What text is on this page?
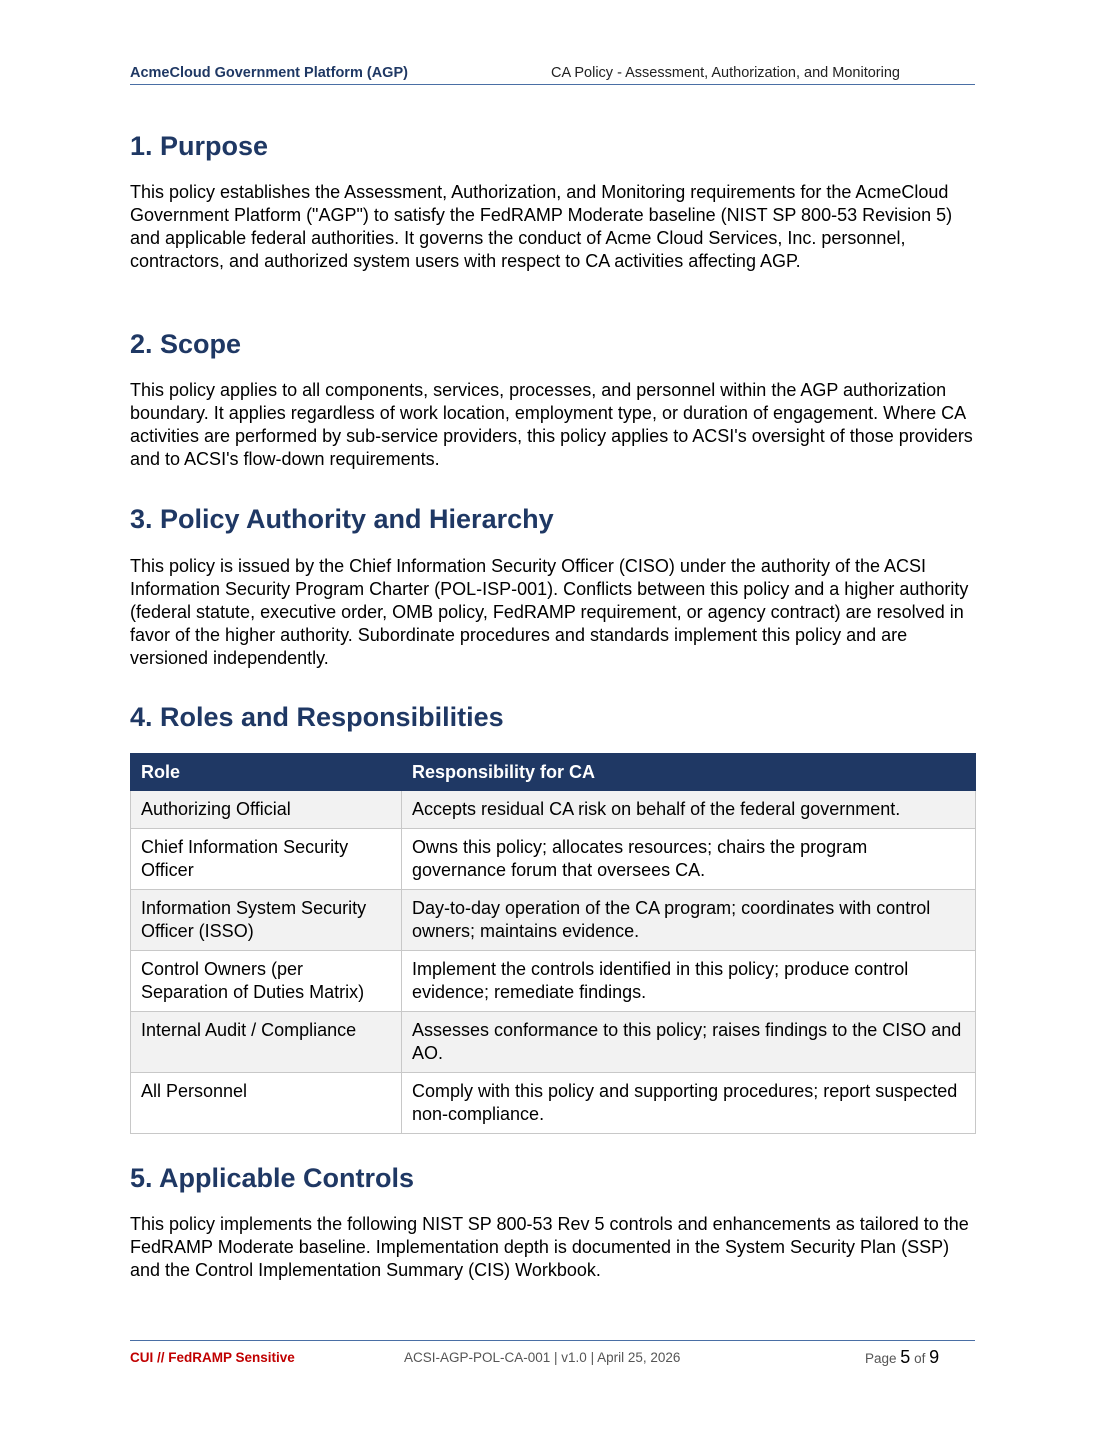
AcmeCloud Government Platform (AGP)	CA Policy - Assessment, Authorization, and Monitoring
1. Purpose

This policy establishes the Assessment, Authorization, and Monitoring requirements for the AcmeCloud Government Platform ("AGP") to satisfy the FedRAMP Moderate baseline (NIST SP 800-53 Revision 5) and applicable federal authorities. It governs the conduct of Acme Cloud Services, Inc. personnel, contractors, and authorized system users with respect to CA activities affecting AGP.

2. Scope

This policy applies to all components, services, processes, and personnel within the AGP authorization boundary. It applies regardless of work location, employment type, or duration of engagement. Where CA activities are performed by sub-service providers, this policy applies to ACSI's oversight of those providers and to ACSI's flow-down requirements.

3. Policy Authority and Hierarchy

This policy is issued by the Chief Information Security Officer (CISO) under the authority of the ACSI Information Security Program Charter (POL-ISP-001). Conflicts between this policy and a higher authority (federal statute, executive order, OMB policy, FedRAMP requirement, or agency contract) are resolved in favor of the higher authority. Subordinate procedures and standards implement this policy and are versioned independently.

4. Roles and Responsibilities
Role	Responsibility for CA
Authorizing Official	Accepts residual CA risk on behalf of the federal government.
Chief Information Security Officer	Owns this policy; allocates resources; chairs the program governance forum that oversees CA.
Information System Security Officer (ISSO)	Day-to-day operation of the CA program; coordinates with control owners; maintains evidence.
Control Owners (per Separation of Duties Matrix)	Implement the controls identified in this policy; produce control evidence; remediate findings.
Internal Audit / Compliance	Assesses conformance to this policy; raises findings to the CISO and AO.
All Personnel	Comply with this policy and supporting procedures; report suspected non-compliance.
5. Applicable Controls

This policy implements the following NIST SP 800-53 Rev 5 controls and enhancements as tailored to the FedRAMP Moderate baseline. Implementation depth is documented in the System Security Plan (SSP) and the Control Implementation Summary (CIS) Workbook.

CUI // FedRAMP Sensitive	ACSI-AGP-POL-CA-001 | v1.0 | April 25, 2026	Page 5 of 9
